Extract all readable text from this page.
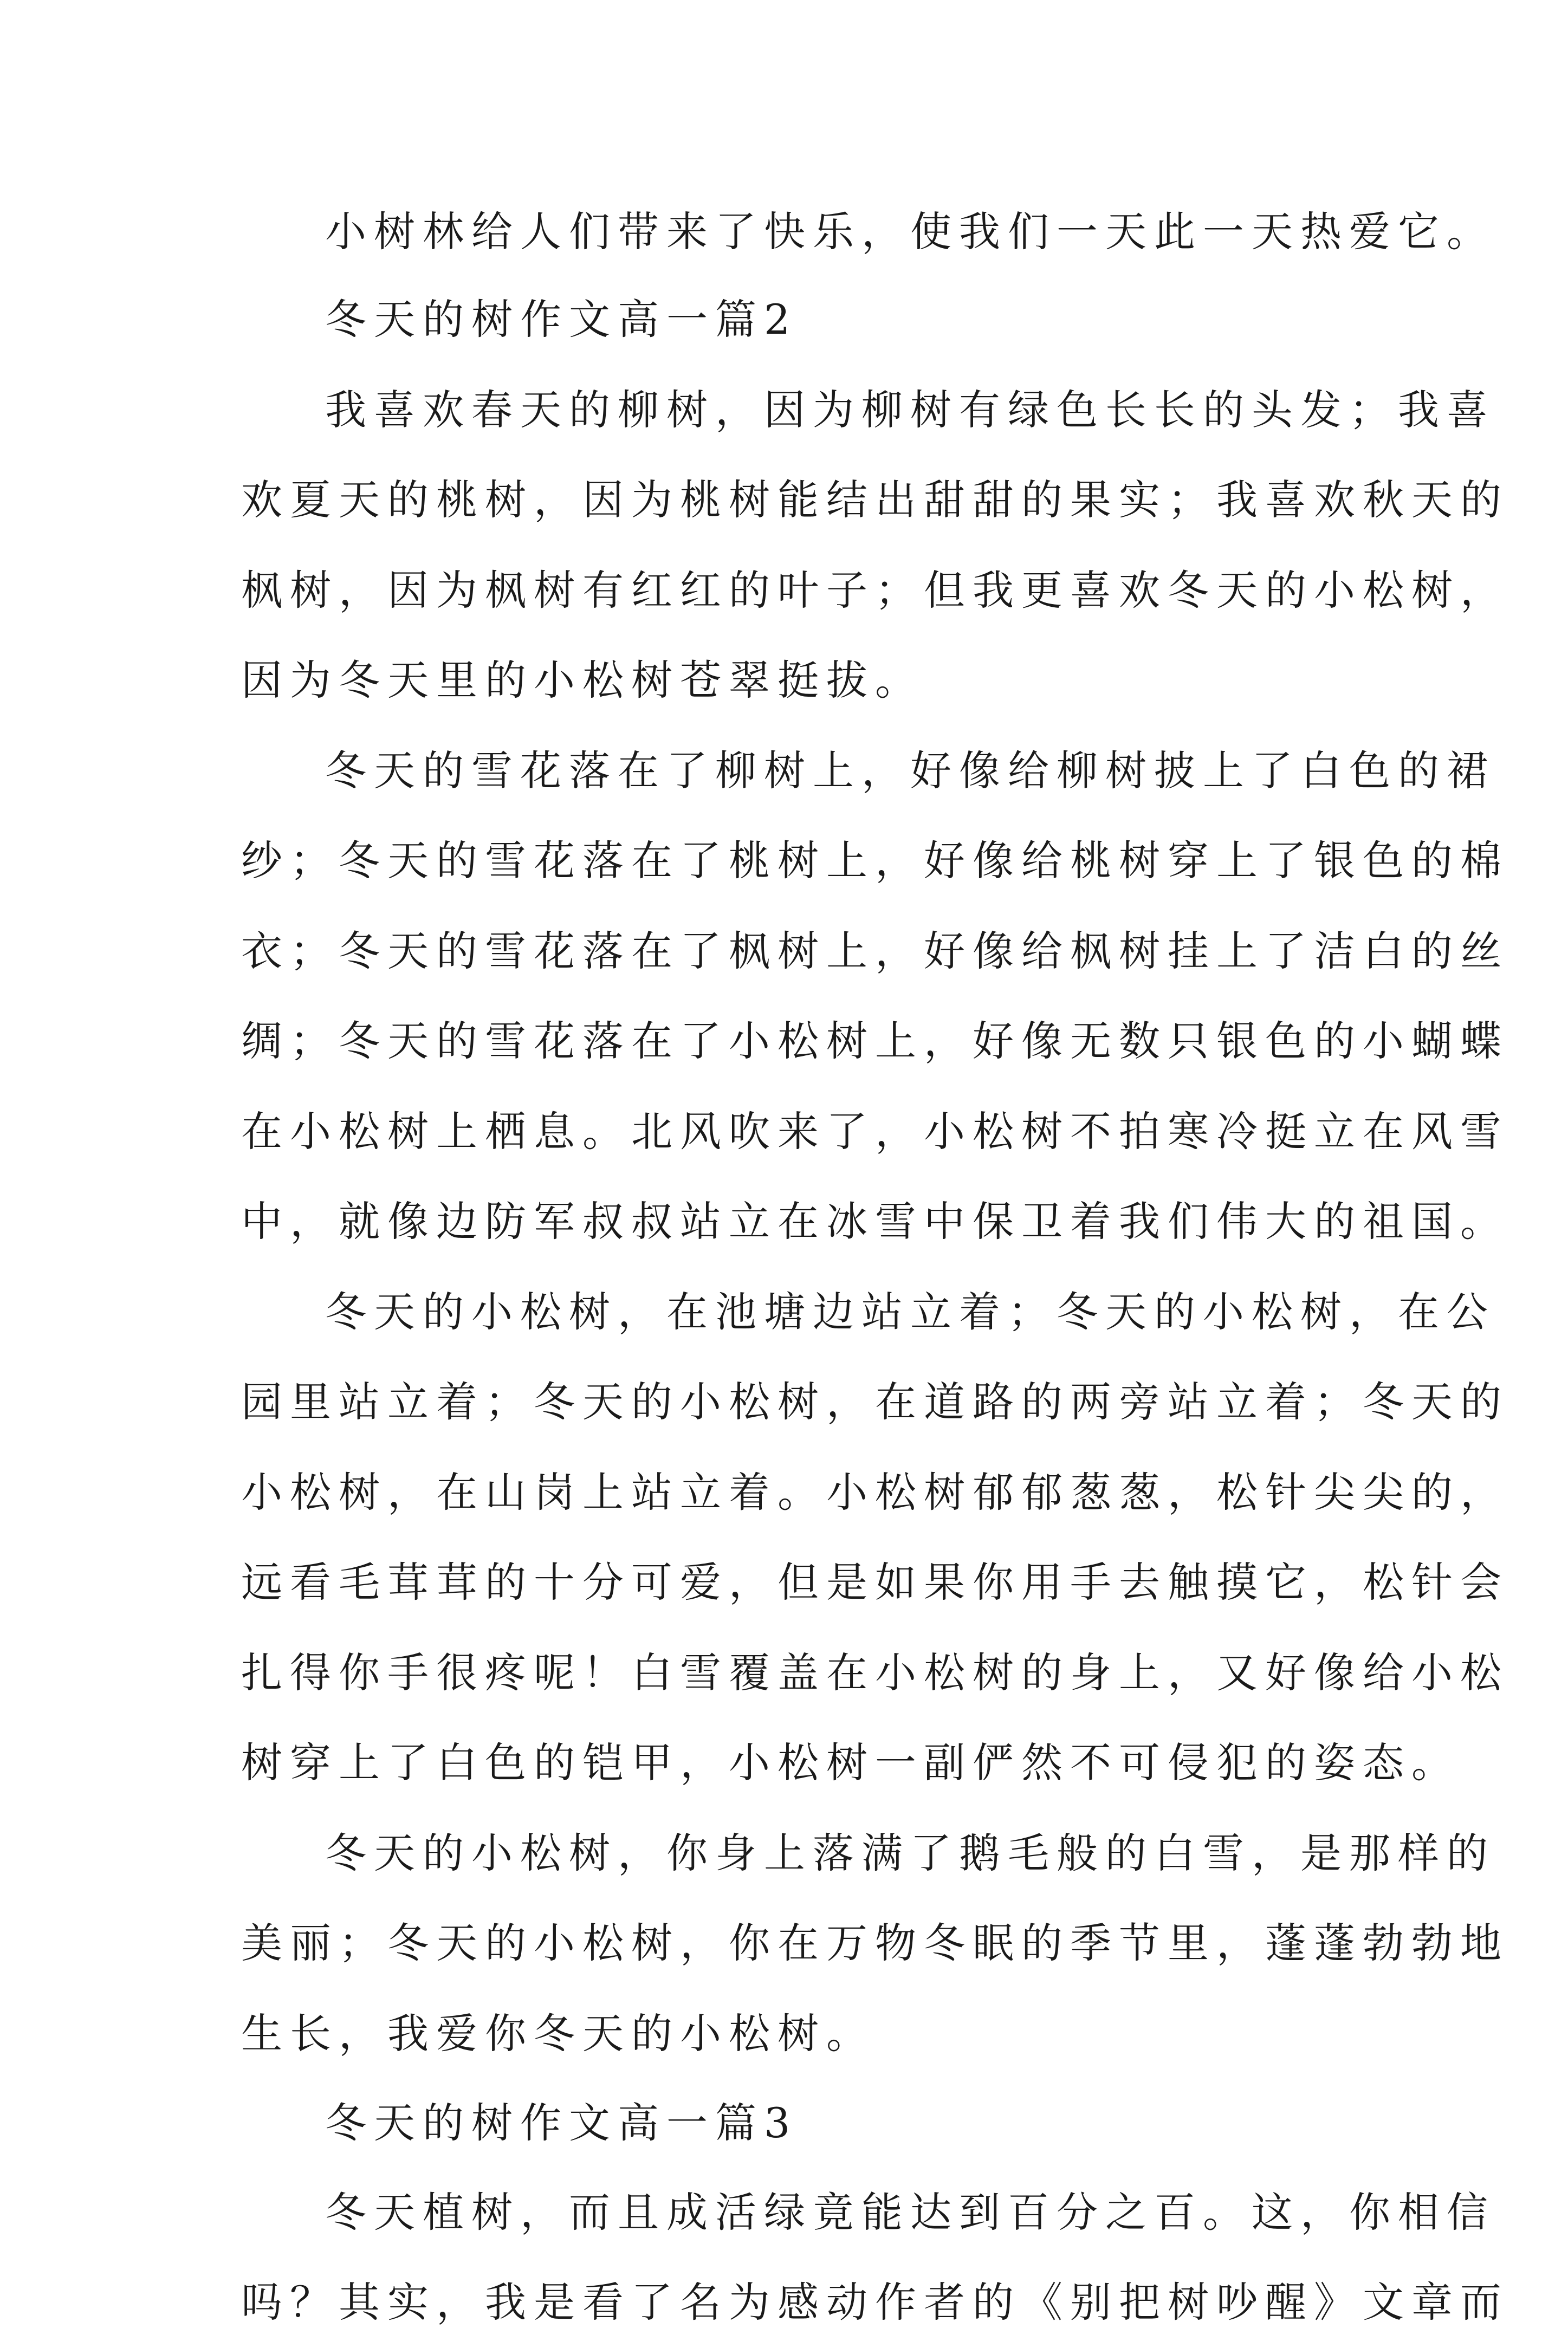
小树林给人们带来了快乐，使我们一天此一天热爱它。
冬天的树作文高一篇2
我喜欢春天的柳树，因为柳树有绿色长长的头发；我喜
欢夏天的桃树，因为桃树能结出甜甜的果实；我喜欢秋天的
枫树，因为枫树有红红的叶子；但我更喜欢冬天的小松树，
因为冬天里的小松树苍翠挺拔。
冬天的雪花落在了柳树上，好像给柳树披上了白色的裙
纱；冬天的雪花落在了桃树上，好像给桃树穿上了银色的棉
衣；冬天的雪花落在了枫树上，好像给枫树挂上了洁白的丝
绸；冬天的雪花落在了小松树上，好像无数只银色的小蝴蝶
在小松树上栖息。北风吹来了，小松树不拍寒冷挺立在风雪
中，就像边防军叔叔站立在冰雪中保卫着我们伟大的祖国。
冬天的小松树，在池塘边站立着；冬天的小松树，在公
园里站立着；冬天的小松树，在道路的两旁站立着；冬天的
小松树，在山岗上站立着。小松树郁郁葱葱，松针尖尖的，
远看毛茸茸的十分可爱，但是如果你用手去触摸它，松针会
扎得你手很疼呢！白雪覆盖在小松树的身上，又好像给小松
树穿上了白色的铠甲，小松树一副俨然不可侵犯的姿态。
冬天的小松树，你身上落满了鹅毛般的白雪，是那样的
美丽；冬天的小松树，你在万物冬眠的季节里，蓬蓬勃勃地
生长，我爱你冬天的小松树。
冬天的树作文高一篇3
冬天植树，而且成活绿竟能达到百分之百。这，你相信
吗？其实，我是看了名为感动作者的《别把树吵醒》文章而
